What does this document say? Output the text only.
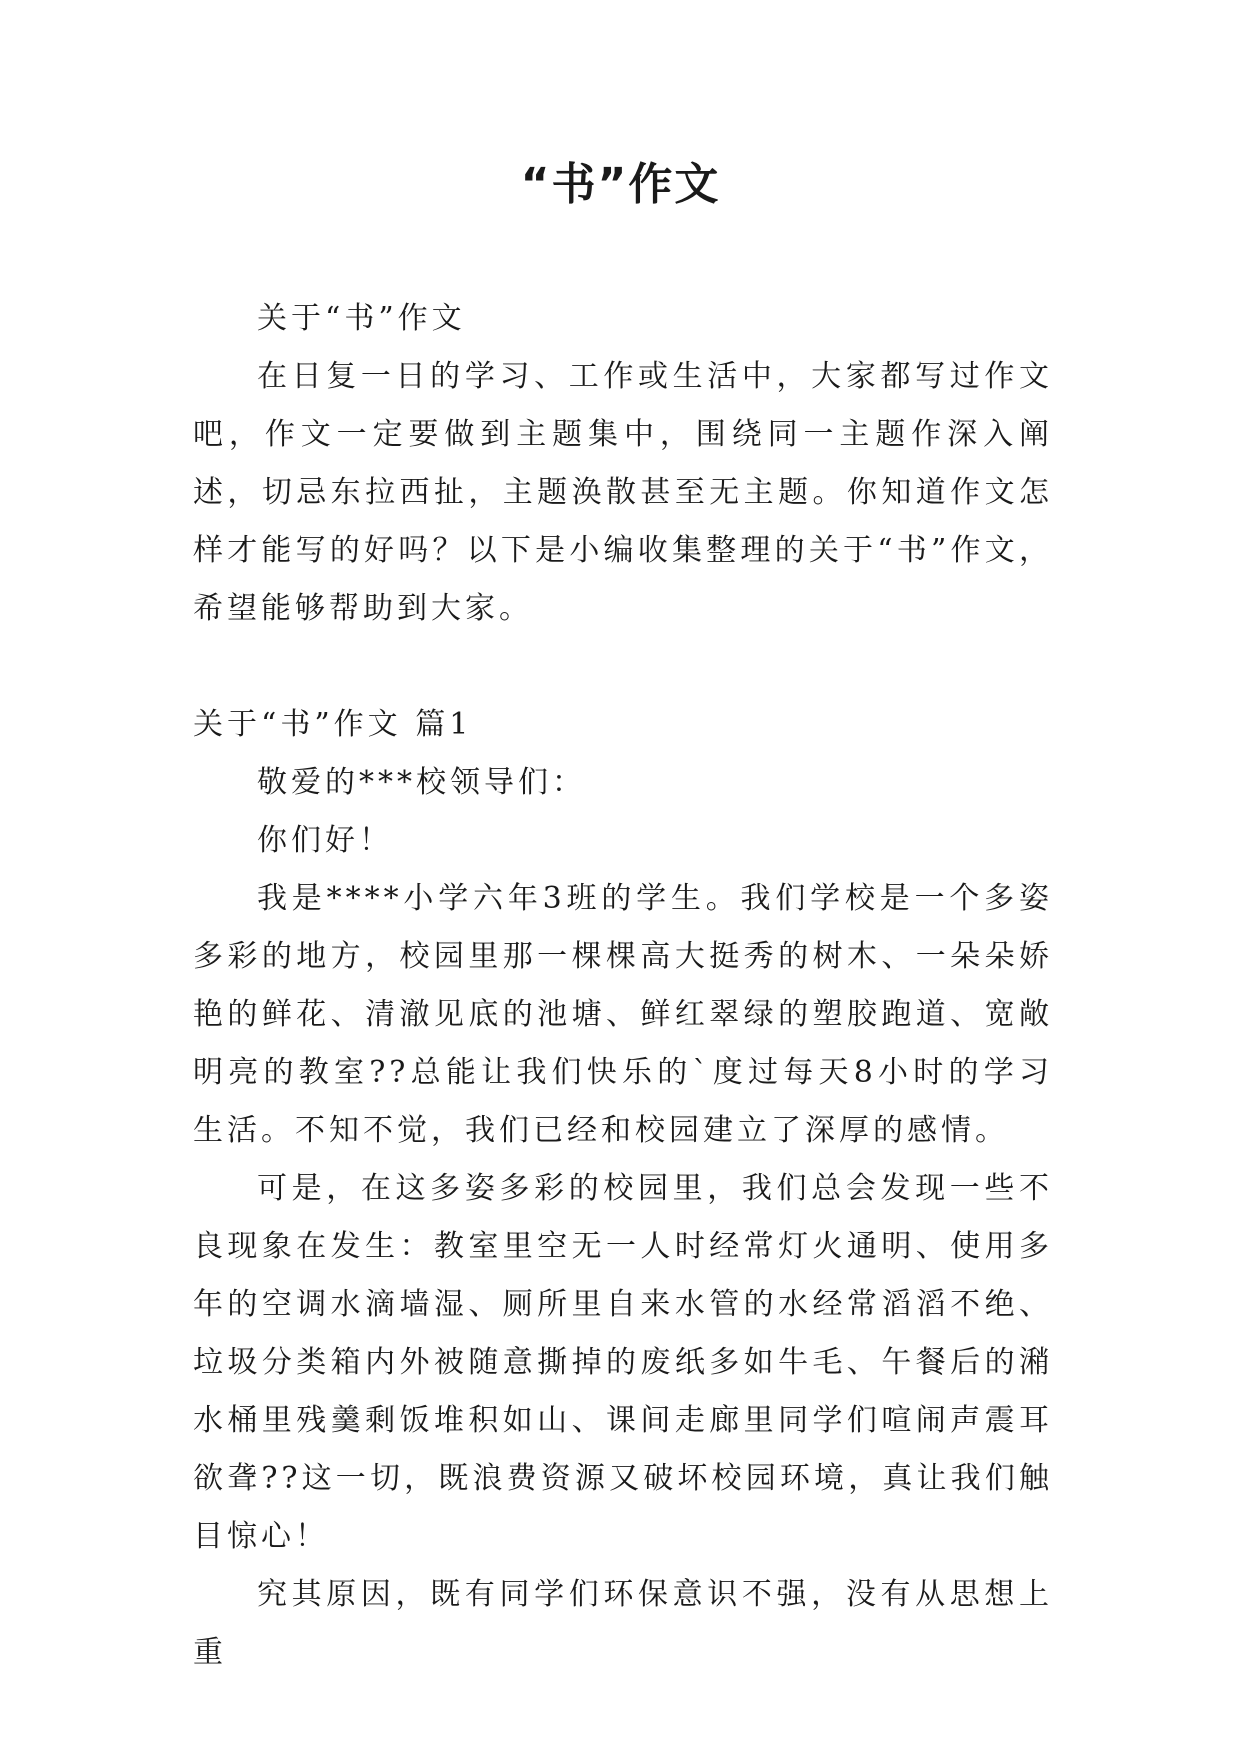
“书”作文

关于“书”作文

在日复一日的学习、工作或生活中，大家都写过作文吧，作文一定要做到主题集中，围绕同一主题作深入阐述，切忌东拉西扯，主题涣散甚至无主题。你知道作文怎样才能写的好吗？以下是小编收集整理的关于“书”作文，希望能够帮助到大家。

关于“书”作文 篇1

敬爱的***校领导们：

你们好！

我是****小学六年3班的学生。我们学校是一个多姿多彩的地方，校园里那一棵棵高大挺秀的树木、一朵朵娇艳的鲜花、清澈见底的池塘、鲜红翠绿的塑胶跑道、宽敞明亮的教室??总能让我们快乐的`度过每天8小时的学习生活。不知不觉，我们已经和校园建立了深厚的感情。

可是，在这多姿多彩的校园里，我们总会发现一些不良现象在发生：教室里空无一人时经常灯火通明、使用多年的空调水滴墙湿、厕所里自来水管的水经常滔滔不绝、垃圾分类箱内外被随意撕掉的废纸多如牛毛、午餐后的潲水桶里残羹剩饭堆积如山、课间走廊里同学们喧闹声震耳欲聋??这一切，既浪费资源又破坏校园环境，真让我们触目惊心！

究其原因，既有同学们环保意识不强，没有从思想上重
